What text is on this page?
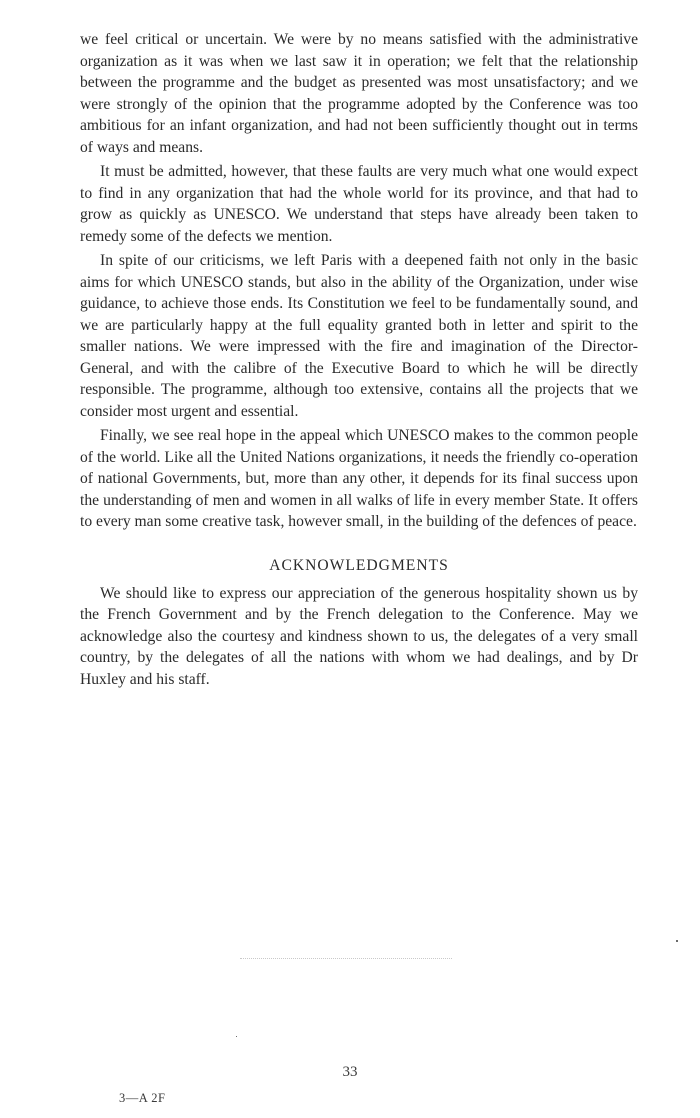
we feel critical or uncertain. We were by no means satisfied with the administrative organization as it was when we last saw it in operation; we felt that the relationship between the programme and the budget as presented was most unsatisfactory; and we were strongly of the opinion that the programme adopted by the Conference was too ambitious for an infant organization, and had not been sufficiently thought out in terms of ways and means.

It must be admitted, however, that these faults are very much what one would expect to find in any organization that had the whole world for its province, and that had to grow as quickly as UNESCO. We understand that steps have already been taken to remedy some of the defects we mention.

In spite of our criticisms, we left Paris with a deepened faith not only in the basic aims for which UNESCO stands, but also in the ability of the Organization, under wise guidance, to achieve those ends. Its Constitution we feel to be fundamentally sound, and we are particularly happy at the full equality granted both in letter and spirit to the smaller nations. We were impressed with the fire and imagination of the Director-General, and with the calibre of the Executive Board to which he will be directly responsible. The programme, although too extensive, contains all the projects that we consider most urgent and essential.

Finally, we see real hope in the appeal which UNESCO makes to the common people of the world. Like all the United Nations organizations, it needs the friendly co-operation of national Governments, but, more than any other, it depends for its final success upon the understanding of men and women in all walks of life in every member State. It offers to every man some creative task, however small, in the building of the defences of peace.

ACKNOWLEDGMENTS

We should like to express our appreciation of the generous hospitality shown us by the French Government and by the French delegation to the Conference. May we acknowledge also the courtesy and kindness shown to us, the delegates of a very small country, by the delegates of all the nations with whom we had dealings, and by Dr Huxley and his staff.

33
3—A 2F
